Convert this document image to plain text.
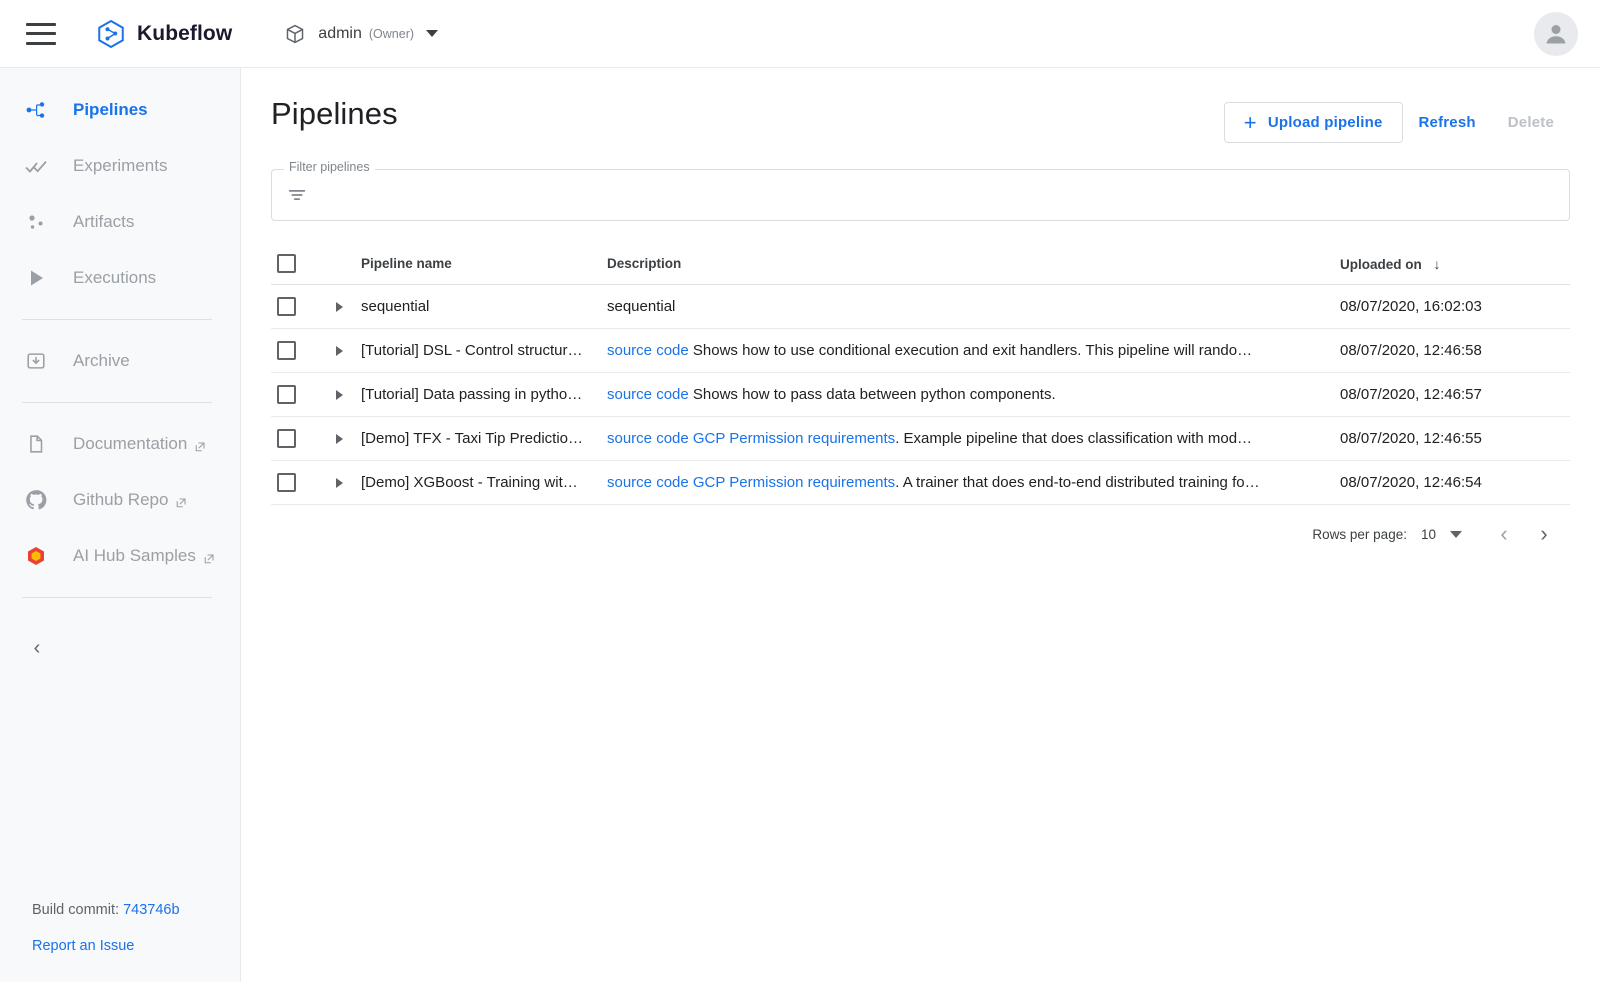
Kubeflow	admin (Owner)
Pipelines
Experiments
Artifacts
Executions
Archive
Documentation
Github Repo
AI Hub Samples
‹
Build commit: 743746b
Report an Issue
Pipelines	+ Upload pipeline	Refresh	Delete
Filter pipelines
Pipeline name	Description	Uploaded on ↓
sequential	sequential	08/07/2020, 16:02:03
[Tutorial] DSL - Control structur…	source code Shows how to use conditional execution and exit handlers. This pipeline will rando…	08/07/2020, 12:46:58
[Tutorial] Data passing in pytho…	source code Shows how to pass data between python components.	08/07/2020, 12:46:57
[Demo] TFX - Taxi Tip Predictio…	source code GCP Permission requirements. Example pipeline that does classification with mod…	08/07/2020, 12:46:55
[Demo] XGBoost - Training wit…	source code GCP Permission requirements. A trainer that does end-to-end distributed training fo…	08/07/2020, 12:46:54
Rows per page: 10	‹	›
